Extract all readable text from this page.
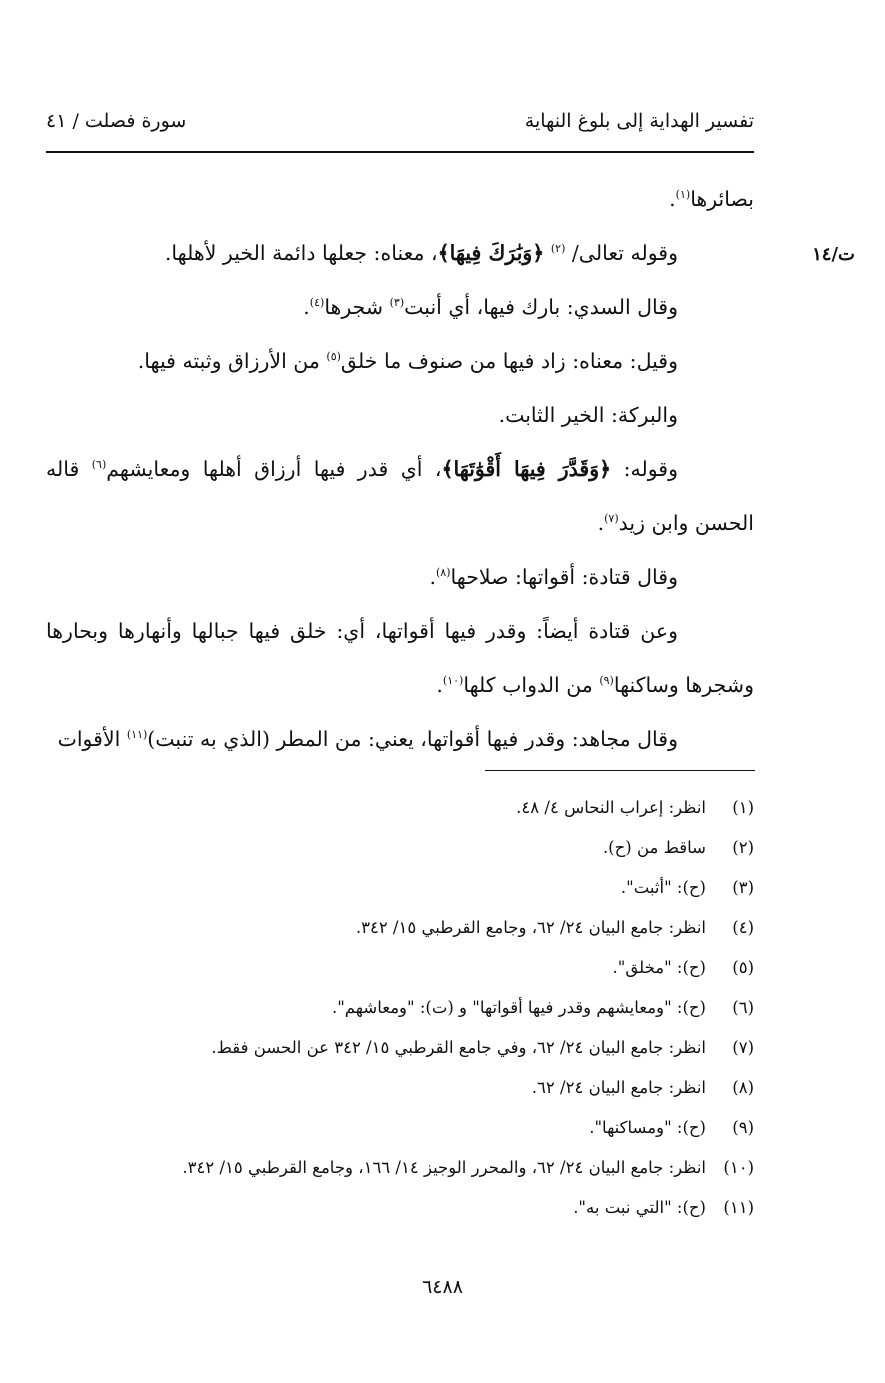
تفسير الهداية إلى بلوغ النهاية
سورة فصلت / ٤١
ت/١٤

بصائرها$^{(١)}$.

وقوله تعالى/ $^{(٢)}$ ﴿وَبَٰرَكَ فِيهَا﴾، معناه: جعلها دائمة الخير لأهلها.

وقال السدي: بارك فيها، أي أنبت$^{(٣)}$ شجرها$^{(٤)}$.

وقيل: معناه: زاد فيها من صنوف ما خلق$^{(٥)}$ من الأرزاق وثبته فيها.

والبركة: الخير الثابت.

وقوله: ﴿وَقَدَّرَ فِيهَا أَقْوَٰتَهَا﴾، أي قدر فيها أرزاق أهلها ومعايشهم$^{(٦)}$ قاله الحسن وابن زيد$^{(٧)}$.

وقال قتادة: أقواتها: صلاحها$^{(٨)}$.

وعن قتادة أيضاً: وقدر فيها أقواتها، أي: خلق فيها جبالها وأنهارها وبحارها وشجرها وساكنها$^{(٩)}$ من الدواب كلها$^{(١٠)}$.

وقال مجاهد: وقدر فيها أقواتها، يعني: من المطر (الذي به تنبت)$^{(١١)}$ الأقوات

(١)
انظر: إعراب النحاس ٤/ ٤٨.
(٢)
ساقط من (ح).
(٣)
(ح): "أثبت".
(٤)
انظر: جامع البيان ٢٤/ ٦٢، وجامع القرطبي ١٥/ ٣٤٢.
(٥)
(ح): "مخلق".
(٦)
(ح): "ومعايشهم وقدر فيها أقواتها" و (ت): "ومعاشهم".
(٧)
انظر: جامع البيان ٢٤/ ٦٢، وفي جامع القرطبي ١٥/ ٣٤٢ عن الحسن فقط.
(٨)
انظر: جامع البيان ٢٤/ ٦٢.
(٩)
(ح): "ومساكنها".
(١٠)
انظر: جامع البيان ٢٤/ ٦٢، والمحرر الوجيز ١٤/ ١٦٦، وجامع القرطبي ١٥/ ٣٤٢.
(١١)
(ح): "التي نبت به".
٦٤٨٨
